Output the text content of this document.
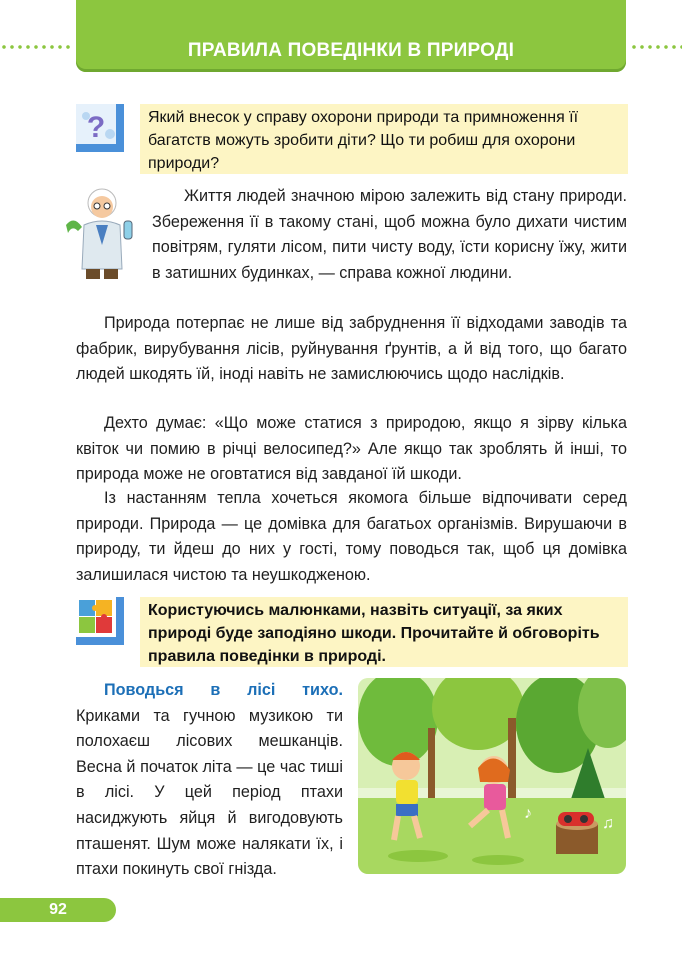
ПРАВИЛА ПОВЕДІНКИ В ПРИРОДІ
?	Який внесок у справу охорони природи та примноження її багатств можуть зробити діти? Що ти робиш для охорони природи?
Життя людей значною мірою залежить від стану природи. Збереження її в такому стані, щоб можна було дихати чистим повітрям, гуляти лісом, пити чисту воду, їсти корисну їжу, жити в затишних будинках, — справа кожної людини.
Природа потерпає не лише від забруднення її відходами заводів та фабрик, вирубування лісів, руйнування ґрунтів, а й від того, що багато людей шкодять їй, іноді навіть не замислюючись щодо наслідків.
Дехто думає: «Що може статися з природою, якщо я зірву кілька квіток чи помию в річці велосипед?» Але якщо так зроблять й інші, то природа може не оговтатися від завданої їй шкоди.
Із настанням тепла хочеться якомога більше відпочивати серед природи. Природа — це домівка для багатьох організмів. Вирушаючи в природу, ти йдеш до них у гості, тому поводься так, щоб ця домівка залишилася чистою та неушкодженою.
Користуючись малюнками, назвіть ситуації, за яких природі буде заподіяно шкоди. Прочитайте й обговоріть правила поведінки в природі.
Поводься в лісі тихо. Криками та гучною музикою ти полохаєш лісових мешканців. Весна й початок літа — це час тиші в лісі. У цей період птахи насиджують яйця й вигодовують пташенят. Шум може налякати їх, і птахи покинуть свої гнізда.
♪
♫
92
